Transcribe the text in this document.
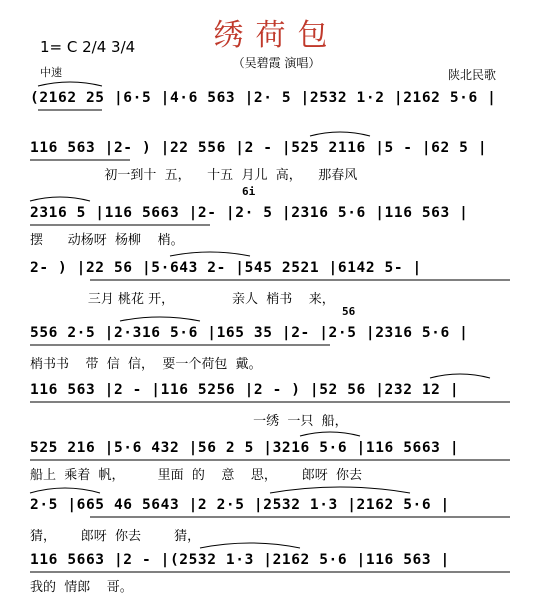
绣荷包
（吴碧霞 演唱）
1= C 2/4 3/4
中速	陕北民歌
(2162 25 |6·5 |4·6 563 |2· 5 |2532 1·2 |2162 5·6 |
116 563 |2- ) |22 556 |2 - |525 2116 |5 - |62 5 |
初一到十  五，    十五  月儿  高，    那春风
6i
2316 5 |116 5663 |2- |2· 5 |2316 5·6 |116 563 |
摆      动杨呀  杨柳    梢。
2- ) |22 56 |5·643 2- |545 2521 |6142 5- |
三月 桃花 开，              亲人  梢书    来，
56
556 2·5 |2·316 5·6 |165 35 |2- |2·5 |2316 5·6 |
梢书书    带  信  信，  要一个荷包  戴。
116 563 |2 - |116 5256 |2 - ) |52 56 |232 12 |
一绣  一只  船，
525 216 |5·6 432 |56 2 5 |3216 5·6 |116 5663 |
船上  乘着  帆，        里面  的    意    思，      郎呀  你去
2·5 |665 46 5643 |2 2·5 |2532 1·3 |2162 5·6 |
猜，      郎呀  你去        猜，
116 5663 |2 - |(2532 1·3 |2162 5·6 |116 563 |
我的  情郎    哥。
